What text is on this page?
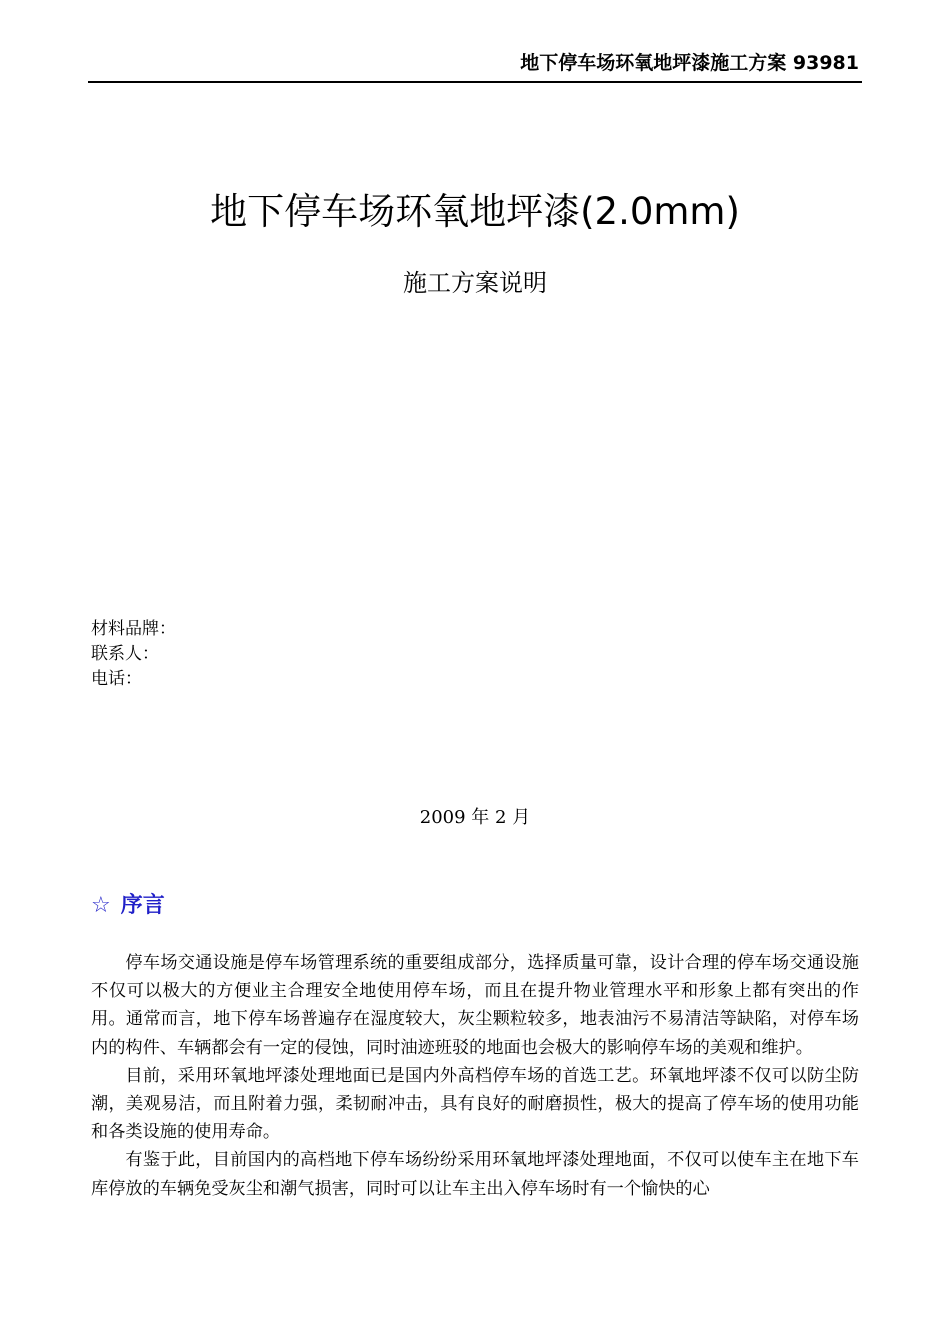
地下停车场环氧地坪漆施工方案 93981
地下停车场环氧地坪漆(2.0mm)
施工方案说明
材料品牌：
联系人：
电话：
2009 年 2 月
☆ 序言

停车场交通设施是停车场管理系统的重要组成部分，选择质量可靠，设计合理的停车场交通设施不仅可以极大的方便业主合理安全地使用停车场，而且在提升物业管理水平和形象上都有突出的作用。通常而言，地下停车场普遍存在湿度较大，灰尘颗粒较多，地表油污不易清洁等缺陷，对停车场内的构件、车辆都会有一定的侵蚀，同时油迹班驳的地面也会极大的影响停车场的美观和维护。

目前，采用环氧地坪漆处理地面已是国内外高档停车场的首选工艺。环氧地坪漆不仅可以防尘防潮，美观易洁，而且附着力强，柔韧耐冲击，具有良好的耐磨损性，极大的提高了停车场的使用功能和各类设施的使用寿命。

有鉴于此，目前国内的高档地下停车场纷纷采用环氧地坪漆处理地面，不仅可以使车主在地下车库停放的车辆免受灰尘和潮气损害，同时可以让车主出入停车场时有一个愉快的心
